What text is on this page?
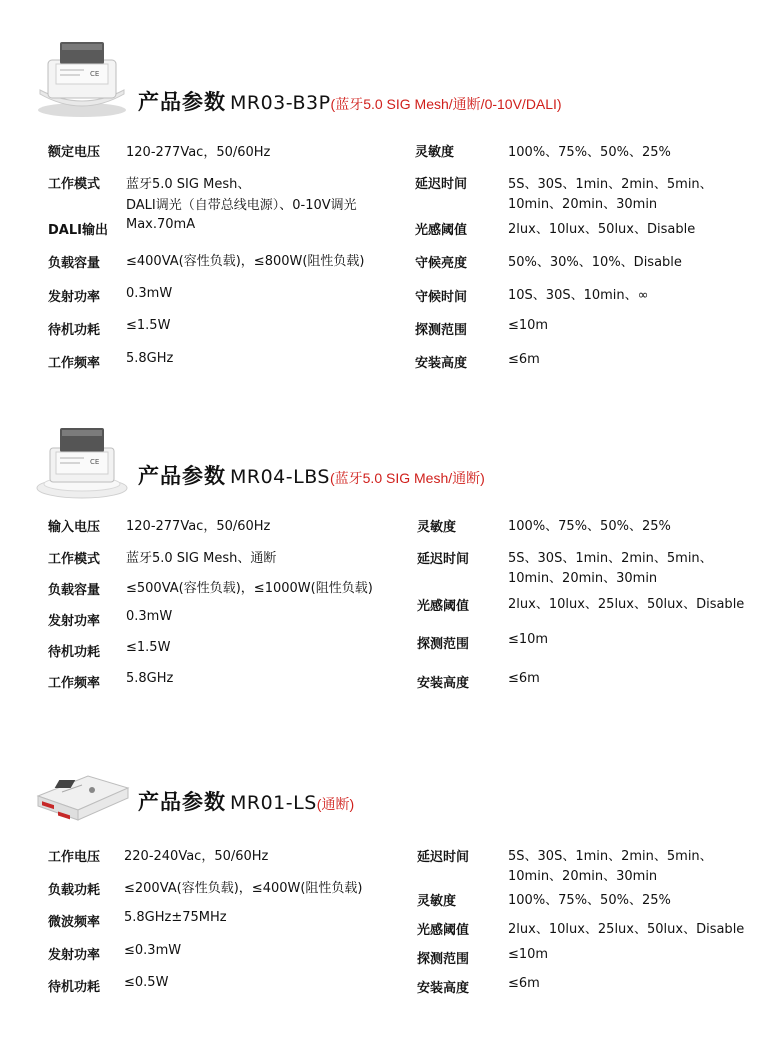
CE
产品参数 MR03-B3P(蓝牙5.0 SIG Mesh/通断/0-10V/DALI)
额定电压 120-277Vac，50/60Hz
工作模式 蓝牙5.0 SIG Mesh、
DALI调光（自带总线电源）、0-10V调光
DALI输出 Max.70mA
负载容量 ≤400VA(容性负载)，≤800W(阻性负载)
发射功率 0.3mW
待机功耗 ≤1.5W
工作频率 5.8GHz
灵敏度	100%、75%、50%、25%
延迟时间	5S、30S、1min、2min、5min、
10min、20min、30min
光感阈值	2lux、10lux、50lux、Disable
守候亮度	50%、30%、10%、Disable
守候时间	10S、30S、10min、∞
探测范围	≤10m
安装高度	≤6m
CE
产品参数 MR04-LBS(蓝牙5.0 SIG Mesh/通断)
输入电压 120-277Vac，50/60Hz
工作模式 蓝牙5.0 SIG Mesh、通断
负载容量 ≤500VA(容性负载)，≤1000W(阻性负载)
发射功率 0.3mW
待机功耗 ≤1.5W
工作频率 5.8GHz
灵敏度	100%、75%、50%、25%
延迟时间	5S、30S、1min、2min、5min、
10min、20min、30min
光感阈值	2lux、10lux、25lux、50lux、Disable
探测范围	≤10m
安装高度	≤6m
产品参数 MR01-LS(通断)
工作电压 220-240Vac，50/60Hz
负载功耗 ≤200VA(容性负载)，≤400W(阻性负载)
微波频率 5.8GHz±75MHz
发射功率 ≤0.3mW
待机功耗 ≤0.5W
延迟时间	5S、30S、1min、2min、5min、
10min、20min、30min
灵敏度	100%、75%、50%、25%
光感阈值	2lux、10lux、25lux、50lux、Disable
探测范围	≤10m
安装高度	≤6m
